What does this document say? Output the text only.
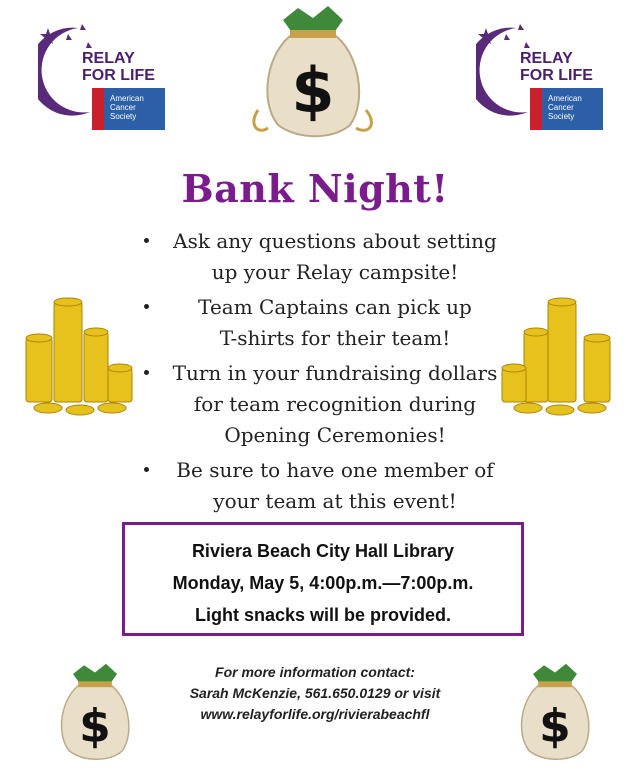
RELAY
FOR LIFE
American
Cancer
Society
RELAY
FOR LIFE
American
Cancer
Society
$
$	$
Bank Night!
Ask any questions about setting
up your Relay campsite!
Team Captains can pick up
T-shirts for their team!
Turn in your fundraising dollars
for team recognition during
Opening Ceremonies!
Be sure to have one member of
your team at this event!
Riviera Beach City Hall Library
Monday, May 5, 4:00p.m.—7:00p.m.
Light snacks will be provided.
For more information contact:
Sarah McKenzie, 561.650.0129 or visit
www.relayforlife.org/rivierabeachfl
